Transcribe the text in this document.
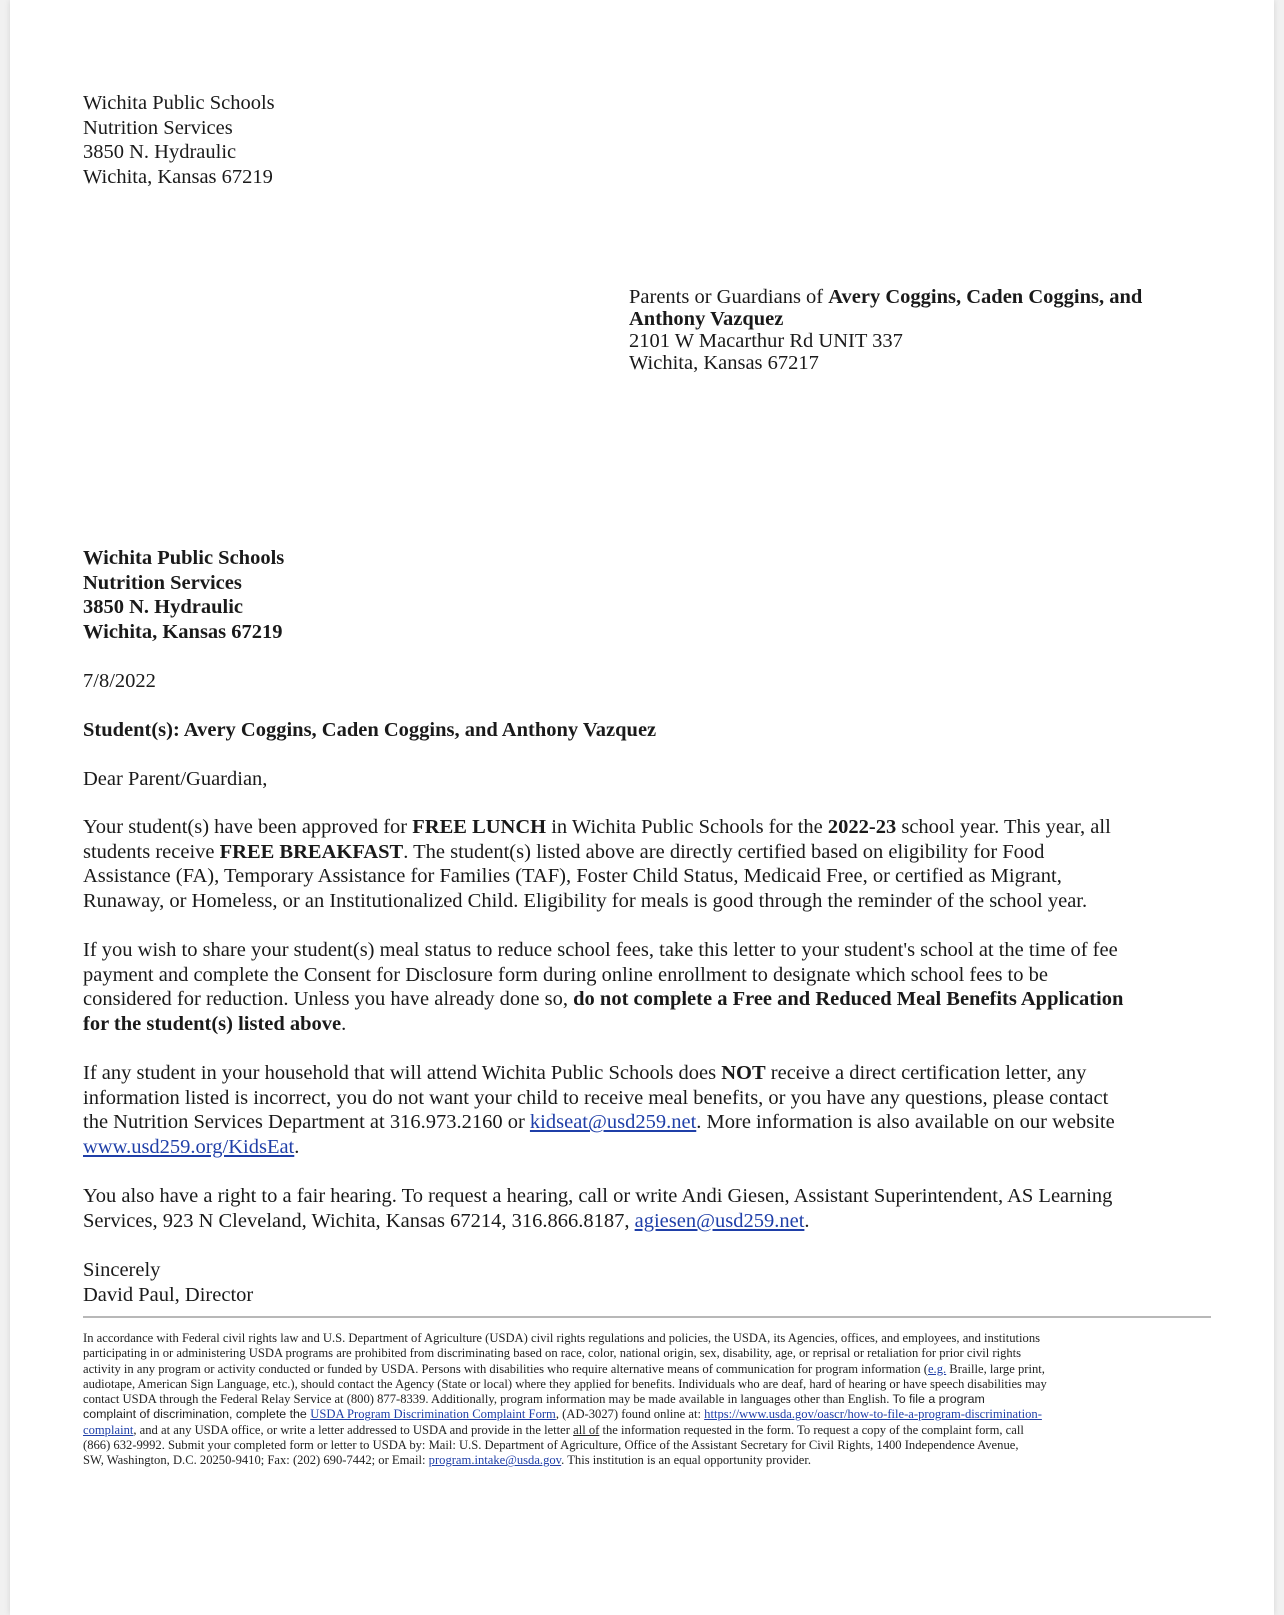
Wichita Public Schools
Nutrition Services
3850 N. Hydraulic
Wichita, Kansas 67219
Parents or Guardians of Avery Coggins, Caden Coggins, and
Anthony Vazquez
2101 W Macarthur Rd UNIT 337
Wichita, Kansas 67217
Wichita Public Schools
Nutrition Services
3850 N. Hydraulic
Wichita, Kansas 67219
7/8/2022
Student(s): Avery Coggins, Caden Coggins, and Anthony Vazquez
Dear Parent/Guardian,
Your student(s) have been approved for FREE LUNCH in Wichita Public Schools for the 2022-23 school year. This year, all
students receive FREE BREAKFAST. The student(s) listed above are directly certified based on eligibility for Food
Assistance (FA), Temporary Assistance for Families (TAF), Foster Child Status, Medicaid Free, or certified as Migrant,
Runaway, or Homeless, or an Institutionalized Child. Eligibility for meals is good through the reminder of the school year.
If you wish to share your student(s) meal status to reduce school fees, take this letter to your student's school at the time of fee
payment and complete the Consent for Disclosure form during online enrollment to designate which school fees to be
considered for reduction. Unless you have already done so, do not complete a Free and Reduced Meal Benefits Application
for the student(s) listed above.
If any student in your household that will attend Wichita Public Schools does NOT receive a direct certification letter, any
information listed is incorrect, you do not want your child to receive meal benefits, or you have any questions, please contact
the Nutrition Services Department at 316.973.2160 or kidseat@usd259.net. More information is also available on our website
www.usd259.org/KidsEat.
You also have a right to a fair hearing. To request a hearing, call or write Andi Giesen, Assistant Superintendent, AS Learning
Services, 923 N Cleveland, Wichita, Kansas 67214, 316.866.8187, agiesen@usd259.net.
Sincerely
David Paul, Director
In accordance with Federal civil rights law and U.S. Department of Agriculture (USDA) civil rights regulations and policies, the USDA, its Agencies, offices, and employees, and institutions
participating in or administering USDA programs are prohibited from discriminating based on race, color, national origin, sex, disability, age, or reprisal or retaliation for prior civil rights
activity in any program or activity conducted or funded by USDA. Persons with disabilities who require alternative means of communication for program information (e.g. Braille, large print,
audiotape, American Sign Language, etc.), should contact the Agency (State or local) where they applied for benefits. Individuals who are deaf, hard of hearing or have speech disabilities may
contact USDA through the Federal Relay Service at (800) 877-8339. Additionally, program information may be made available in languages other than English. To file a program
complaint of discrimination, complete the USDA Program Discrimination Complaint Form, (AD-3027) found online at: https://www.usda.gov/oascr/how-to-file-a-program-discrimination-
complaint, and at any USDA office, or write a letter addressed to USDA and provide in the letter all of the information requested in the form. To request a copy of the complaint form, call
(866) 632-9992. Submit your completed form or letter to USDA by: Mail: U.S. Department of Agriculture, Office of the Assistant Secretary for Civil Rights, 1400 Independence Avenue,
SW, Washington, D.C. 20250-9410; Fax: (202) 690-7442; or Email: program.intake@usda.gov. This institution is an equal opportunity provider.
